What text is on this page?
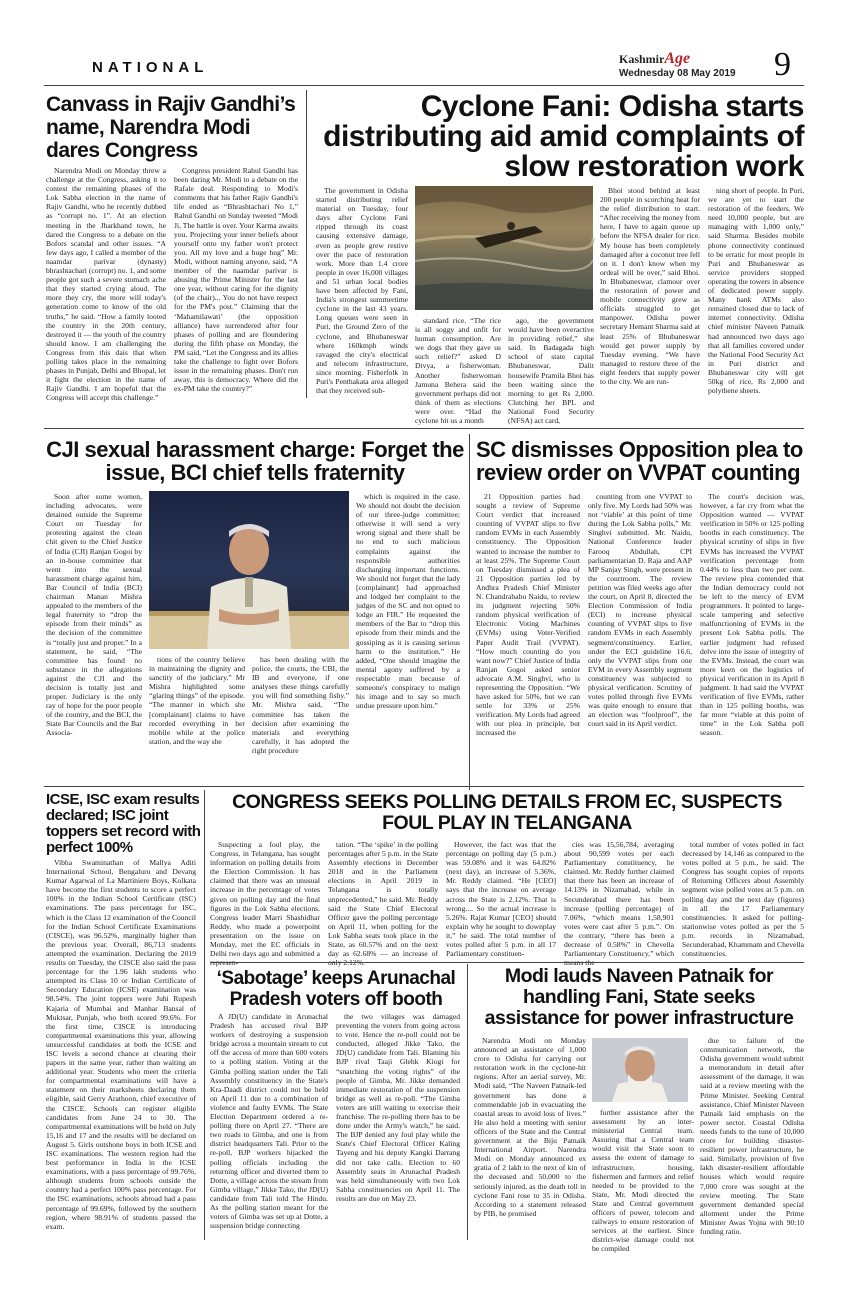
NATIONAL	KashmirAge
Wednesday 08 May 2019 9
Canvass in Rajiv Gandhi’s name, Narendra Modi dares Congress

Narendra Modi on Monday threw a challenge at the Congress, asking it to contest the remaining phases of the Lok Sabha election in the name of Rajiv Gandhi, who he recently dubbed as “corrupt no. 1”. At an election meeting in the Jharkhand town, he dared the Congress to a debate on the Bofors scandal and other issues. “A few days ago, I called a member of the naamdar parivar (dynasty) bhrashtachari (corrupt) no. 1, and some people got such a severe stomach ache that they started crying aloud. The more they cry, the more will today's generation come to know of the old truths,” he said. “How a family looted the country in the 20th century, destroyed it — the youth of the country should know. I am challenging the Congress from this dais that when polling takes place in the remaining phases in Punjab, Delhi and Bhopal, let it fight the election in the name of Rajiv Gandhi. I am hopeful that the Congress will accept this challenge.”

Congress president Rahul Gandhi has been daring Mr. Modi to a debate on the Rafale deal. Responding to Modi's comments that his father Rajiv Gandhi's life ended as “Bhrashtachari No 1,” Rahul Gandhi on Sunday tweeted “Modi Ji, The battle is over. Your Karma awaits you. Projecting your inner beliefs about yourself onto my father won't protect you. All my love and a huge hug” Mr. Modi, without naming anyone, said, “A member of the naamdar parivar is abusing the Prime Minister for the last one year, without caring for the dignity (of the chair)... You do not have respect for the PM's post.” Claiming that the ‘Mahamilawati’ (the opposition alliance) have surrendered after four phases of polling and are floundering during the fifth phase on Monday, the PM said, “Let the Congress and its allies take the challenge to fight over Bofors issue in the remaining phases. Don't run away, this is democracy. Where did the ex-PM take the country?”

Cyclone Fani: Odisha starts distributing aid amid complaints of slow restoration work

The government in Odisha started distributing relief material on Tuesday, four days after Cyclone Fani ripped through its coast causing extensive damage, even as people grew restive over the pace of restoration work. More than 1.4 crore people in over 16,000 villages and 51 urban local bodies have been affected by Fani, India's strongest summertime cyclone in the last 43 years. Long queues were seen in Puri, the Ground Zero of the cyclone, and Bhubaneswar where 160kmph winds ravaged the city's electrical and telecom infrastructure, since morning. Fisherfolk in Puri's Penthakata area alleged that they received sub-

standard rice. “The rice is all soggy and unfit for human consumption. Are we dogs that they gave us such relief?” asked D Divya, a fisherwoman. Another fisherwoman Jamuna Behera said the government perhaps did not think of them as elections were over. “Had the cyclone hit us a month

ago, the government would have been overactive in providing relief,” she said. In Badagada high school of state capital Bhubaneswar, Dalit housewife Pramila Bhoi has been waiting since the morning to get Rs 2,000. Clutching her BPL and National Food Security (NFSA) act card,

Bhoi stood behind at least 200 people in scorching heat for the relief distribution to start. “After receiving the money from here, I have to again queue up before the NFSA dealer for rice. My house has been completely damaged after a coconut tree fell on it. I don't know when my ordeal will be over,” said Bhoi. In Bhubaneswar, clamour over the restoration of power and mobile connectivity grew as officials struggled to get manpower. Odisha power secretary Hemant Sharma said at least 25% of Bhubaneswar would get power supply by Tuesday evening. “We have managed to restore three of the eight feeders that supply power to the city. We are run-

ning short of people. In Puri, we are yet to start the restoration of the feeders. We need 10,000 people, but are managing with 1,000 only,” said Sharma. Besides mobile phone connectivity continued to be erratic for most people in Puri and Bhubaneswar as service providers stopped operating the towers in absence of dedicated power supply. Many bank ATMs also remained closed due to lack of internet connectivity. Odisha chief minister Naveen Patnaik had announced two days ago that all families covered under the National Food Security Act in Puri district and Bhubaneswar city will get 50kg of rice, Rs 2,000 and polythene sheets.

CJI sexual harassment charge: Forget the issue, BCI chief tells fraternity

Soon after some women, including advocates, were detained outside the Supreme Court on Tuesday for protesting against the clean chit given to the Chief Justice of India (CJI) Ranjan Gogoi by an in-house committee that went into the sexual harassment charge against him, Bar Council of India (BCI) chairman Manan Mishra appealed to the members of the legal fraternity to “drop the episode from their minds” as the decision of the committee is “totally just and proper.” In a statement, he said, “The committee has found no substance in the allegations against the CJI and the decision is totally just and proper. Judiciary is the only ray of hope for the poor people of the country, and the BCI, the State Bar Councils and the Bar Associa-

tions of the country believe in maintaining the dignity and sanctity of the judiciary.” Mr Mishra highlighted some “glaring things” of the episode. “The manner in which she [complainant] claims to have recorded everything in her mobile while at the police station, and the way she

has been dealing with the police, the courts, the CBI, the IB and everyone, if one analyses these things carefully you will find something fishy.” Mr. Mishra said, “The committee has taken the decision after examining the materials and everything carefully, it has adopted the right procedure

which is required in the case. We should not doubt the decision of our three-judge committee; otherwise it will send a very wrong signal and there shall be no end to such malicious complaints against the responsible authorities discharging important functions. We should not forget that the lady [complainant] had approached and lodged her complaint to the judges of the SC and not opted to lodge an FIR.” He requested the members of the Bar to “drop this episode from their minds and the gossiping as it is causing serious harm to the institution.” He added, “One should imagine the mental agony suffered by a respectable man because of someone's conspiracy to malign his image and to say so much undue pressure upon him.”

SC dismisses Opposition plea to review order on VVPAT counting

21 Opposition parties had sought a review of Supreme Court verdict that increased counting of VVPAT slips to five random EVMs in each Assembly constituency. The Opposition wanted to increase the number to at least 25%. The Supreme Court on Tuesday dismissed a plea of 21 Opposition parties led by Andhra Pradesh Chief Minister N. Chandrababu Naidu, to review its judgment rejecting 50% random physical verification of Electronic Voting Machines (EVMs) using Voter-Verified Paper Audit Trail (VVPAT). “How much counting do you want now?” Chief Justice of India Ranjan Gogoi asked senior advocate A.M. Singhvi, who is representing the Opposition. “We have asked for 50%, but we can settle for 33% or 25% verification. My Lords had agreed with our plea in principle, but increased the

counting from one VVPAT to only five. My Lords had 50% was not ‘viable’ at this point of time during the Lok Sabha polls,” Mr. Singhvi submitted. Mr. Naidu, National Conference leader Farooq Abdullah, CPI parliamentarian D. Raja and AAP MP Sanjay Singh, were present in the courtroom. The review petition was filed weeks ago after the court, on April 8, directed the Election Commission of India (ECI) to increase physical counting of VVPAT slips to five random EVMs in each Assembly segment/constituency. Earlier, under the ECI guideline 16.6, only the VVPAT slips from one EVM in every Assembly segment constituency was subjected to physical verification. Scrutiny of votes polled through five EVMs was quite enough to ensure that an election was “foolproof”, the court said in its April verdict.

The court's decision was, however, a far cry from what the Opposition wanted — VVPAT verification in 50% or 125 polling booths in each constituency. The physical scrutiny of slips in five EVMs has increased the VVPAT verification percentage from 0.44% to less than two per cent. The review plea contended that the Indian democracy could not be left to the mercy of EVM programmers. It pointed to large-scale tampering and selective malfunctioning of EVMs in the present Lok Sabha polls. The earlier judgment had refused delve into the issue of integrity of the EVMs. Instead, the court was more keen on the logistics of physical verification in its April 8 judgment. It had said the VVPAT verification of five EVMs, rather than in 125 polling booths, was far more “viable at this point of time” in the Lok Sabha poll season.

ICSE, ISC exam results declared; ISC joint toppers set record with perfect 100%

Vibha Swaminathan of Mallya Aditi International School, Bengaluru and Devang Kumar Agarwal of La Martiniere Boys, Kolkata have become the first students to score a perfect 100% in the Indian School Certificate (ISC) examinations. The pass percentage for ISC, which is the Class 12 examination of the Council for the Indian School Certificate Examinations (CISCE), was 96.52%, marginally higher than the previous year. Overall, 86,713 students attempted the examination. Declaring the 2019 results on Tuesday, the CISCE also said the pass percentage for the 1.96 lakh students who attempted its Class 10 or Indian Certificate of Secondary Education (ICSE) examination was 98.54%. The joint toppers were Juhi Rupesh Kajaria of Mumbai and Manhar Bansal of Muktsar, Punjab, who both scored 99.6%. For the first time, CISCE is introducing compartmental examinations this year, allowing unsuccessful candidates at both the ICSE and ISC levels a second chance at clearing their papers in the same year, rather than waiting an additional year. Students who meet the criteria for compartmental examinations will have a statement on their marksheets declaring them eligible, said Gerry Arathoon, chief executive of the CISCE. Schools can register eligible candidates from June 24 to 30. The compartmental examinations will be held on July 15,16 and 17 and the results will be declared on August 5. Girls outshone boys in both ICSE and ISC examinations. The western region had the best performance in India in the ICSE examinations, with a pass percentage of 99.76%, although students from schools outside the country had a perfect 100% pass percentage. For the ISC examinations, schools abroad had a pass percentage of 99.69%, followed by the southern region, where 98.91% of students passed the exam.

CONGRESS SEEKS POLLING DETAILS FROM EC, SUSPECTS FOUL PLAY IN TELANGANA

Suspecting a foul play, the Congress, in Telangana, has sought information on polling details from the Election Commission. It has claimed that there was an unusual increase in the percentage of votes given on polling day and the final figures in the Lok Sabha elections. Congress leader Marri Shashidhar Reddy, who made a powerpoint presentation on the issue on Monday, met the EC officials in Delhi two days ago and submitted a

tation. “The ‘spike’ in the polling percentages after 5 p.m. in the State Assembly elections in December 2018 and in the Parliament elections in April 2019 in Telangana is totally unprecedented,” he said. Mr. Reddy said the State Chief Electoral Officer gave the polling percentage on April 11, when polling for the Lok Sabha seats took place in the State, as 60.57% and on the next day as 62.68% — an increase of

However, the fact was that the percentage on polling day (5 p.m.) was 59.08% and it was 64.82% (next day), an increase of 5.36%, Mr. Reddy claimed. “He [CEO] says that the increase on average across the State is 2.12%. That is wrong.... So the actual increase is 5.26%. Rajat Kumar [CEO] should explain why he sought to downplay it,” he said. The total number of votes polled after 5 p.m. in all 17 Parliamentary constituen-

cies was 15,56,784, averaging about 90,599 votes per each Parliamentary constituency, he claimed. Mr. Reddy further claimed that there has been an increase of 14.13% in Nizamabad, while in Secunderabad there has been increase (polling percentage) of 7.06%, “which means 1,58,901 votes were cast after 5 p.m.”. On the contrary, “there has been a decrease of 0.58%” in Chevella Parliamentary Constituency,” which

total number of votes polled in fact decreased by 14,146 as compared to the votes polled at 5 p.m., he said. The Congress has sought copies of reports of Returning Officers about Assembly segment wise polled votes at 5 p.m. on polling day and the next day (figures) in all the 17 Parliamentary constituencies. It asked for polling-stationwise votes polled as per the 5 p.m. records in Nizamabad, Secunderabad, Khammam and Chevella constituencies.

‘Sabotage’ keeps Arunachal Pradesh voters off booth

A JD(U) candidate in Arunachal Pradesh has accused rival BJP workers of destroying a suspension bridge across a mountain stream to cut off the access of more than 600 voters to a polling station. Voting at the Gimba polling station under the Tali Assembly constituency in the State's Kra-Daadi district could not be held on April 11 due to a combination of violence and faulty EVMs. The State Election Department ordered a re-polling there on April 27. “There are two roads to Gimba, and one is from district headquarters Tali. Prior to the re-poll, BJP workers hijacked the polling officials including the returning officer and diverted them to Dotte, a village across the stream from Gimba village,” Jikke Tako, the JD(U) candidate from Tali told The Hindu. As the polling station meant for the voters of Gimba was set up at Dotte, a suspension bridge connecting

the two villages was damaged preventing the voters from going across to vote. Hence the re-poll could not be conducted, alleged Jikke Tako, the JD(U) candidate from Tali. Blaming his BJP rival Taaji Glehk Kiogi for “snatching the voting rights” of the people of Gimba, Mr. Jikke demanded immediate restoration of the suspension bridge as well as re-poll. “The Gimba voters are still waiting to exercise their franchise. The re-polling there has to be done under the Army's watch,” he said. The BJP denied any foul play while the State's Chief Electoral Officer Kaling Tayeng and his deputy Kangki Darrang did not take calls. Election to 60 Assembly seats in Arunachal Pradesh was held simultaneously with two Lok Sabha constituencies on April 11. The results are due on May 23.

Modi lauds Naveen Patnaik for handling Fani, State seeks assistance for power infrastructure

Narendra Modi on Monday announced an assistance of 1,000 crore to Odisha for carrying out restoration work in the cyclone-hit regions. After an aerial survey, Mr. Modi said, “The Naveen Patnaik-led government has done a commendable job in evacuating the coastal areas to avoid loss of lives.” He also held a meeting with senior officers of the State and the Central government at the Biju Patnaik International Airport. Narendra Modi on Monday announced ex gratia of 2 lakh to the next of kin of the deceased and 50,000 to the seriously injured, as the death toll in cyclone Fani rose to 35 in Odisha. According to a statement released by PIB, he promised

further assistance after the assessment by an inter-ministerial Central team. Assuring that a Central team would visit the State soon to assess the extent of damage to infrastructure, housing, fishermen and farmers and relief needed to be provided to the State, Mr. Modi directed the State and Central government officers of power, telecom and railways to ensure restoration of services at the earliest. Since district-wise damage could not be compiled

due to failure of the communication network, the Odisha government would submit a memorandum in detail after assessment of the damage, it was said at a review meeting with the Prime Minister. Seeking Central assistance, Chief Minister Naveen Patnaik laid emphasis on the power sector. Coastal Odisha needs funds to the tune of 10,000 crore for building disaster-resilient power infrastructure, he said. Similarly, provision of five lakh disaster-resilient affordable houses which would require 7,000 crore was sought at the review meeting. The State government demanded special allotment under the Prime Minister Awas Yojna with 90:10 funding ratio.
